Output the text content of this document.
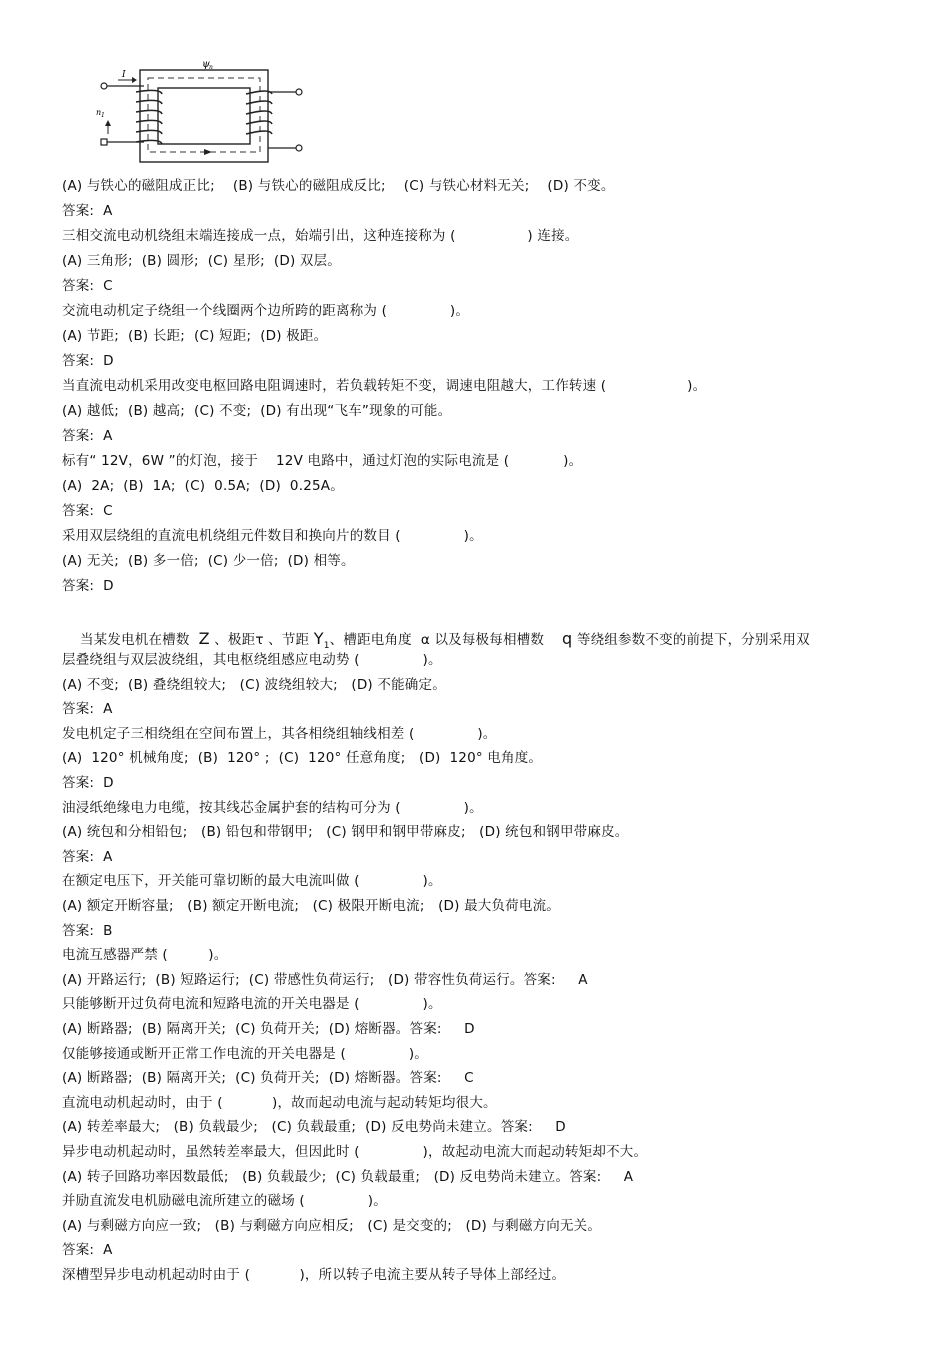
ψ n
I
n 1
(A) 与铁心的磁阻成正比;    (B) 与铁心的磁阻成反比;    (C) 与铁心材料无关;    (D) 不变。
答案:  A
三相交流电动机绕组末端连接成一点，始端引出，这种连接称为 (                ) 连接。
(A) 三角形;  (B) 圆形;  (C) 星形;  (D) 双层。
答案:  C
交流电动机定子绕组一个线圈两个边所跨的距离称为 (              )。
(A) 节距;  (B) 长距;  (C) 短距;  (D) 极距。
答案:  D
当直流电动机采用改变电枢回路电阻调速时，若负载转矩不变，调速电阻越大，工作转速 (                  )。
(A) 越低;  (B) 越高;  (C) 不变;  (D) 有出现“飞车”现象的可能。
答案:  A
标有“ 12V，6W ”的灯泡，接于    12V 电路中，通过灯泡的实际电流是 (            )。
(A)  2A;  (B)  1A;  (C)  0.5A;  (D)  0.25A。
答案:  C
采用双层绕组的直流电机绕组元件数目和换向片的数目 (              )。
(A) 无关;  (B) 多一倍;  (C) 少一倍;  (D) 相等。
答案:  D

当某发电机在槽数  Z 、极距τ 、节距 $Y_1$、槽距电角度  α 以及每极每相槽数    q 等绕组参数不变的前提下，分别采用双

层叠绕组与双层波绕组，其电枢绕组感应电动势 (              )。
(A) 不变;  (B) 叠绕组较大;   (C) 波绕组较大;   (D) 不能确定。
答案:  A
发电机定子三相绕组在空间布置上，其各相绕组轴线相差 (              )。
(A)  120° 机械角度;  (B)  120° ;  (C)  120° 任意角度;   (D)  120° 电角度。
答案:  D
油浸纸绝缘电力电缆，按其线芯金属护套的结构可分为 (              )。
(A) 统包和分相铅包;   (B) 铅包和带钢甲;   (C) 钢甲和钢甲带麻皮;   (D) 统包和钢甲带麻皮。
答案:  A
在额定电压下，开关能可靠切断的最大电流叫做 (              )。
(A) 额定开断容量;   (B) 额定开断电流;   (C) 极限开断电流;   (D) 最大负荷电流。
答案:  B
电流互感器严禁 (         )。
(A) 开路运行;  (B) 短路运行;  (C) 带感性负荷运行;   (D) 带容性负荷运行。答案:     A
只能够断开过负荷电流和短路电流的开关电器是 (              )。
(A) 断路器;  (B) 隔离开关;  (C) 负荷开关;  (D) 熔断器。答案:     D
仅能够接通或断开正常工作电流的开关电器是 (              )。
(A) 断路器;  (B) 隔离开关;  (C) 负荷开关;  (D) 熔断器。答案:     C
直流电动机起动时，由于 (           )，故而起动电流与起动转矩均很大。
(A) 转差率最大;   (B) 负载最少;   (C) 负载最重;  (D) 反电势尚未建立。答案:     D
异步电动机起动时，虽然转差率最大，但因此时 (              )，故起动电流大而起动转矩却不大。
(A) 转子回路功率因数最低;   (B) 负载最少;  (C) 负载最重;   (D) 反电势尚未建立。答案:     A
并励直流发电机励磁电流所建立的磁场 (              )。
(A) 与剩磁方向应一致;   (B) 与剩磁方向应相反;   (C) 是交变的;   (D) 与剩磁方向无关。
答案:  A
深槽型异步电动机起动时由于 (           )，所以转子电流主要从转子导体上部经过。
